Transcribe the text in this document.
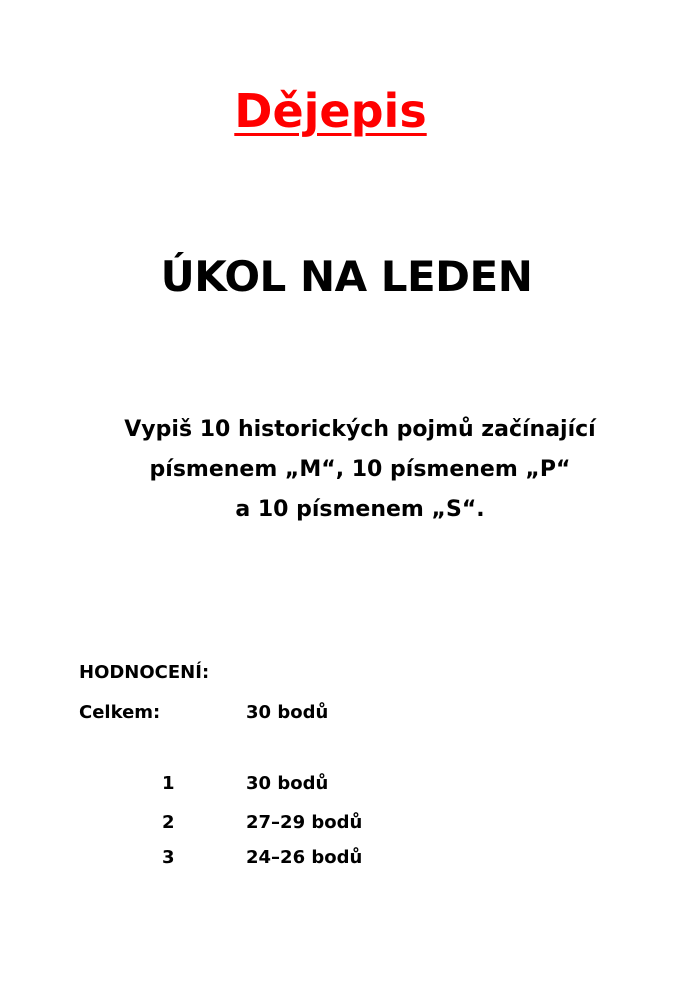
Dějepis
ÚKOL NA LEDEN
Vypiš 10 historických pojmů začínající
písmenem „M“, 10 písmenem „P“
a 10 písmenem „S“.
HODNOCENÍ:
Celkem:	30 bodů
1	30 bodů
2	27–29 bodů
3	24–26 bodů
